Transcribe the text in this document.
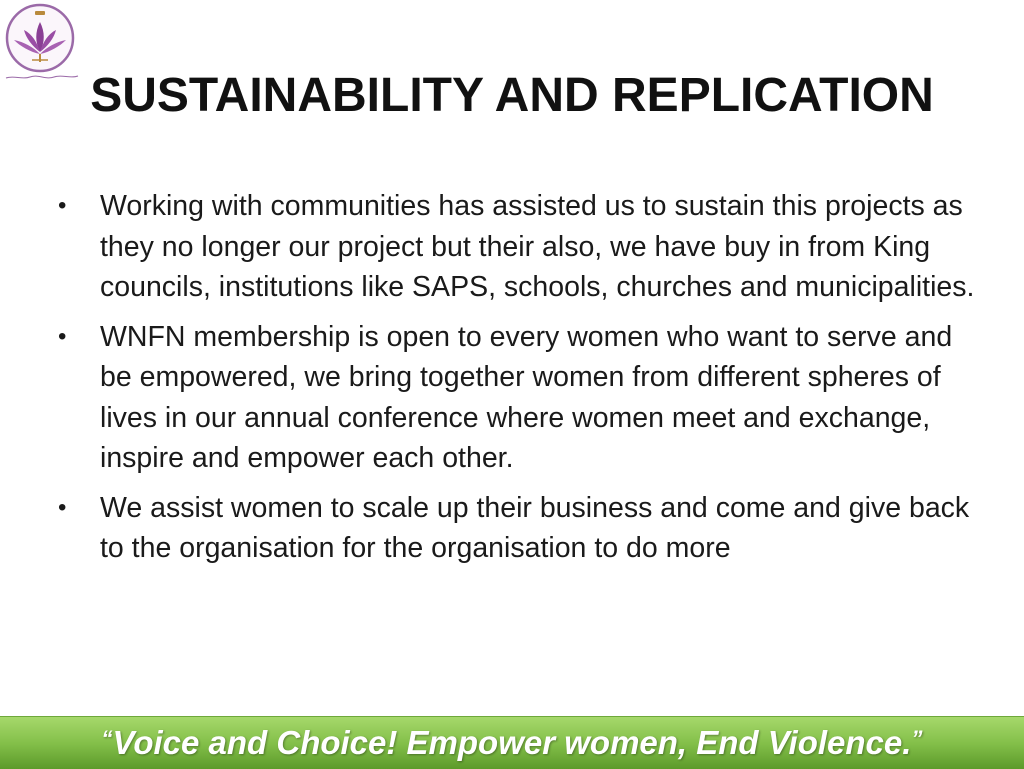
SUSTAINABILITY AND REPLICATION
• Working with communities has assisted us to sustain this projects as they no longer our project but their also, we have buy in from King councils, institutions like SAPS, schools, churches and municipalities.
• WNFN membership is open to every women who want to serve and be empowered, we bring together women from different spheres of lives in our annual conference where women meet and exchange, inspire and empower each other.
• We assist women to scale up their business and come and give back to the organisation for the organisation to do more
“Voice and Choice! Empower women, End Violence.”
